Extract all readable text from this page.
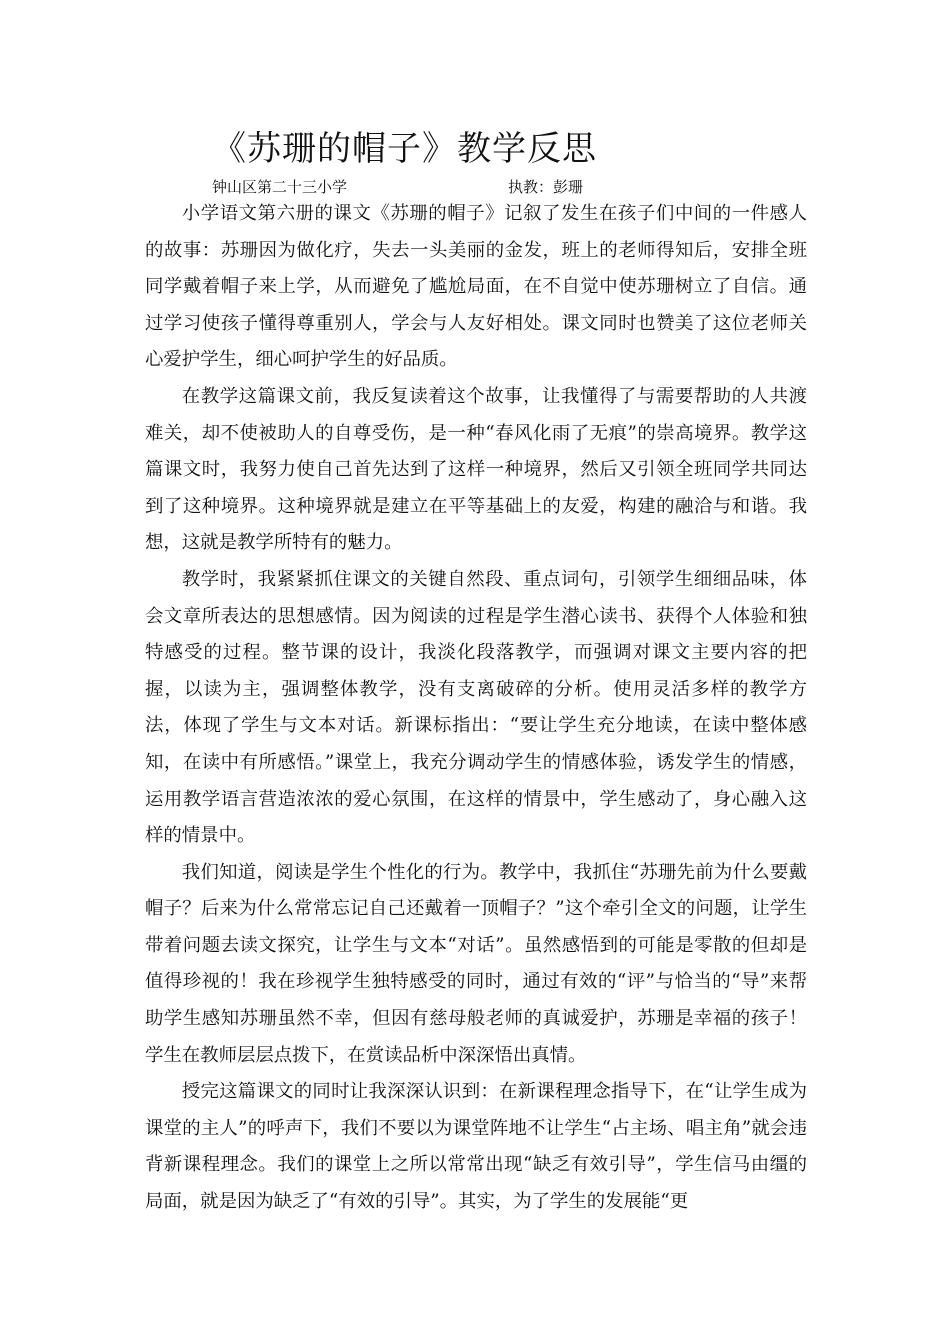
《苏珊的帽子》教学反思
钟山区第二十三小学	执教：彭珊

小学语文第六册的课文《苏珊的帽子》记叙了发生在孩子们中间的一件感人的故事：苏珊因为做化疗，失去一头美丽的金发，班上的老师得知后，安排全班同学戴着帽子来上学，从而避免了尴尬局面，在不自觉中使苏珊树立了自信。通过学习使孩子懂得尊重别人，学会与人友好相处。课文同时也赞美了这位老师关心爱护学生，细心呵护学生的好品质。

在教学这篇课文前，我反复读着这个故事，让我懂得了与需要帮助的人共渡难关，却不使被助人的自尊受伤，是一种“春风化雨了无痕”的崇高境界。教学这篇课文时，我努力使自己首先达到了这样一种境界，然后又引领全班同学共同达到了这种境界。这种境界就是建立在平等基础上的友爱，构建的融洽与和谐。我想，这就是教学所特有的魅力。

教学时，我紧紧抓住课文的关键自然段、重点词句，引领学生细细品味，体会文章所表达的思想感情。因为阅读的过程是学生潜心读书、获得个人体验和独特感受的过程。整节课的设计，我淡化段落教学，而强调对课文主要内容的把握，以读为主，强调整体教学，没有支离破碎的分析。使用灵活多样的教学方法，体现了学生与文本对话。新课标指出：“要让学生充分地读，在读中整体感知，在读中有所感悟。”课堂上，我充分调动学生的情感体验，诱发学生的情感，运用教学语言营造浓浓的爱心氛围，在这样的情景中，学生感动了，身心融入这样的情景中。

我们知道，阅读是学生个性化的行为。教学中，我抓住“苏珊先前为什么要戴帽子？后来为什么常常忘记自己还戴着一顶帽子？”这个牵引全文的问题，让学生带着问题去读文探究，让学生与文本“对话”。虽然感悟到的可能是零散的但却是值得珍视的！我在珍视学生独特感受的同时，通过有效的“评”与恰当的“导”来帮助学生感知苏珊虽然不幸，但因有慈母般老师的真诚爱护，苏珊是幸福的孩子！学生在教师层层点拨下，在赏读品析中深深悟出真情。

授完这篇课文的同时让我深深认识到：在新课程理念指导下，在“让学生成为课堂的主人”的呼声下，我们不要以为课堂阵地不让学生“占主场、唱主角”就会违背新课程理念。我们的课堂上之所以常常出现“缺乏有效引导”，学生信马由缰的局面，就是因为缺乏了“有效的引导”。其实，为了学生的发展能“更
